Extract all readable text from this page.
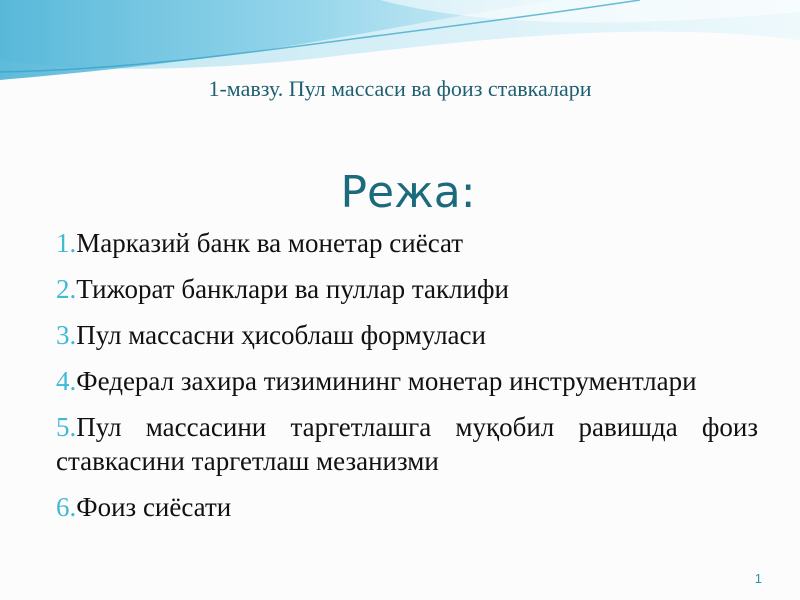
1-мавзу. Пул массаси ва фоиз ставкалари
Режа:
1.Марказий банк ва монетар сиёсат
2.Тижорат банклари ва пуллар таклифи
3.Пул массасни ҳисоблаш формуласи
4.Федерал захира тизимининг монетар инструментлари
5.Пул массасини таргетлашга муқобил равишда фоиз ставкасини таргетлаш мезанизми
6.Фоиз сиёсати
1
